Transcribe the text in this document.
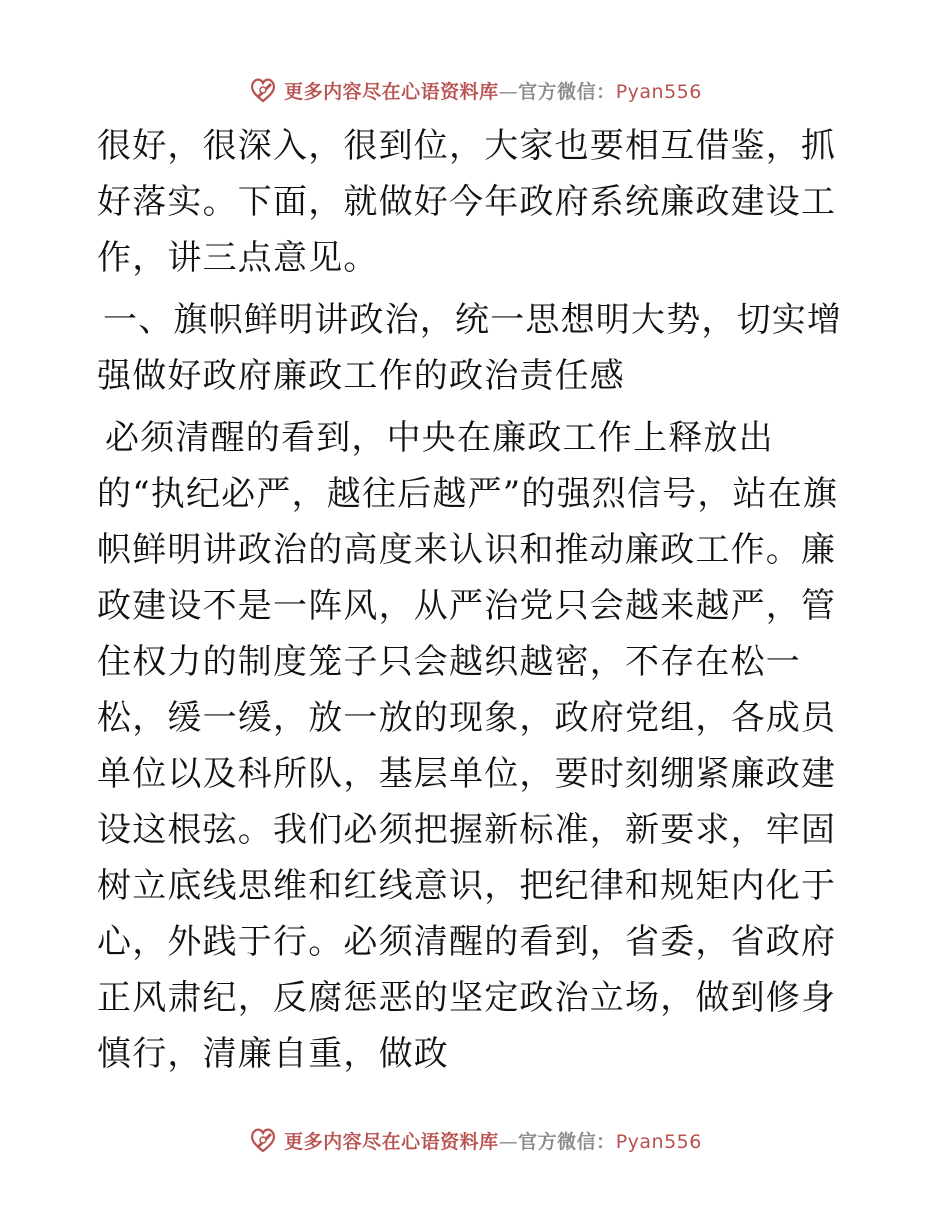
更多内容尽在心语资料库—官方微信：Pyan556

很好，很深入，很到位，大家也要相互借鉴，抓好落实。下面，就做好今年政府系统廉政建设工作，讲三点意见。

一、旗帜鲜明讲政治，统一思想明大势，切实增强做好政府廉政工作的政治责任感

必须清醒的看到，中央在廉政工作上释放出
的“执纪必严，越往后越严”的强烈信号，站在旗帜鲜明讲政治的高度来认识和推动廉政工作。廉政建设不是一阵风，从严治党只会越来越严，管住权力的制度笼子只会越织越密，不存在松一松，缓一缓，放一放的现象，政府党组，各成员单位以及科所队，基层单位，要时刻绷紧廉政建设这根弦。我们必须把握新标准，新要求，牢固树立底线思维和红线意识，把纪律和规矩内化于心，外践于行。必须清醒的看到，省委，省政府正风肃纪，反腐惩恶的坚定政治立场，做到修身慎行，清廉自重，做政

更多内容尽在心语资料库—官方微信：Pyan556
